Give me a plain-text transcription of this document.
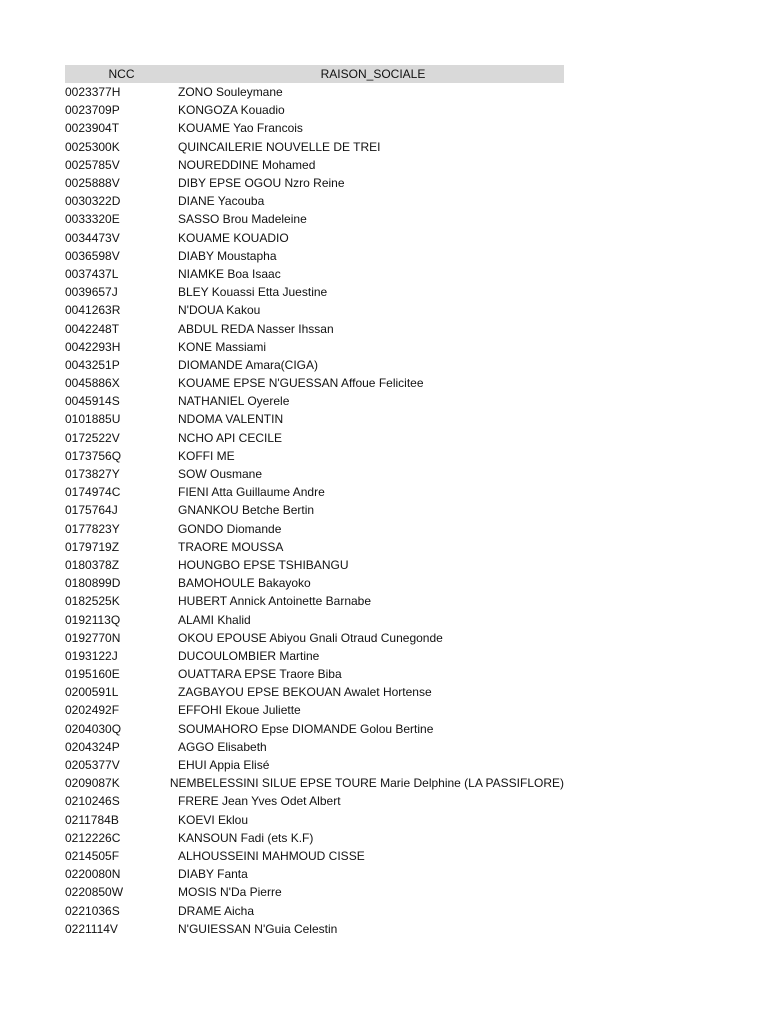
NCC	RAISON_SOCIALE
0023377H	ZONO Souleymane
0023709P	KONGOZA Kouadio
0023904T	KOUAME Yao Francois
0025300K	QUINCAILERIE NOUVELLE DE TREI
0025785V	NOUREDDINE Mohamed
0025888V	DIBY EPSE OGOU Nzro Reine
0030322D	DIANE Yacouba
0033320E	SASSO Brou Madeleine
0034473V	KOUAME KOUADIO
0036598V	DIABY Moustapha
0037437L	NIAMKE Boa Isaac
0039657J	BLEY Kouassi Etta Juestine
0041263R	N'DOUA Kakou
0042248T	ABDUL REDA Nasser Ihssan
0042293H	KONE Massiami
0043251P	DIOMANDE Amara(CIGA)
0045886X	KOUAME EPSE N'GUESSAN Affoue Felicitee
0045914S	NATHANIEL Oyerele
0101885U	NDOMA VALENTIN
0172522V	NCHO API CECILE
0173756Q	KOFFI ME
0173827Y	SOW Ousmane
0174974C	FIENI Atta Guillaume Andre
0175764J	GNANKOU Betche Bertin
0177823Y	GONDO Diomande
0179719Z	TRAORE MOUSSA
0180378Z	HOUNGBO EPSE TSHIBANGU
0180899D	BAMOHOULE Bakayoko
0182525K	HUBERT Annick Antoinette Barnabe
0192113Q	ALAMI Khalid
0192770N	OKOU EPOUSE Abiyou Gnali Otraud Cunegonde
0193122J	DUCOULOMBIER Martine
0195160E	OUATTARA EPSE Traore Biba
0200591L	ZAGBAYOU EPSE BEKOUAN Awalet Hortense
0202492F	EFFOHI Ekoue Juliette
0204030Q	SOUMAHORO Epse DIOMANDE Golou Bertine
0204324P	AGGO Elisabeth
0205377V	EHUI Appia Elisé
0209087K	NEMBELESSINI SILUE EPSE TOURE Marie Delphine (LA PASSIFLORE)
0210246S	FRERE Jean Yves Odet Albert
0211784B	KOEVI Eklou
0212226C	KANSOUN Fadi (ets K.F)
0214505F	ALHOUSSEINI MAHMOUD CISSE
0220080N	DIABY Fanta
0220850W	MOSIS N'Da Pierre
0221036S	DRAME Aicha
0221114V	N'GUIESSAN N'Guia Celestin
